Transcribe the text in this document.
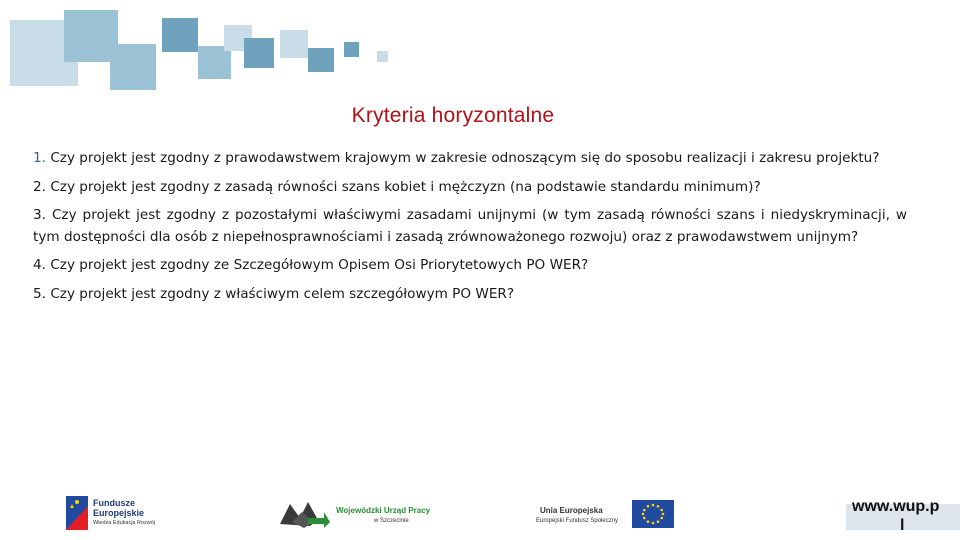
Kryteria horyzontalne

1. Czy projekt jest zgodny z prawodawstwem krajowym w zakresie odnoszącym się do sposobu realizacji i zakresu projektu?

2. Czy projekt jest zgodny z zasadą równości szans kobiet i mężczyzn (na podstawie standardu minimum)?

3. Czy projekt jest zgodny z pozostałymi właściwymi zasadami unijnymi (w tym zasadą równości szans i niedyskryminacji, w tym dostępności dla osób z niepełnosprawnościami i zasadą zrównoważonego rozwoju) oraz z prawodawstwem unijnym?

4. Czy projekt jest zgodny ze Szczegółowym Opisem Osi Priorytetowych PO WER?

5. Czy projekt jest zgodny z właściwym celem szczegółowym PO WER?

Fundusze
Europejskie
Wiedza Edukacja Rozwój
Wojewódzki Urząd Pracy
w Szczecinie
Unia Europejska
Europejski Fundusz Społeczny
www.wup.p
l
